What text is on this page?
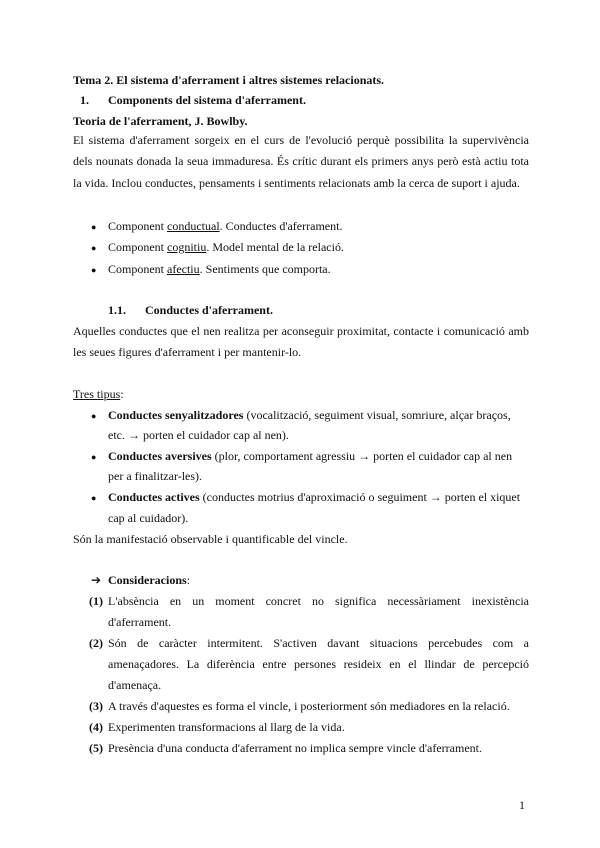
Tema 2. El sistema d'aferrament i altres sistemes relacionats.
1. Components del sistema d'aferrament.
Teoria de l'aferrament, J. Bowlby.
El sistema d'aferrament sorgeix en el curs de l'evolució perquè possibilita la supervivència
dels nounats donada la seua immaduresa. És crític durant els primers anys però està actiu tota
la vida. Inclou conductes, pensaments i sentiments relacionats amb la cerca de suport i ajuda.
● Component conductual. Conductes d'aferrament.
● Component cognitiu. Model mental de la relació.
● Component afectiu. Sentiments que comporta.
1.1. Conductes d'aferrament.
Aquelles conductes que el nen realitza per aconseguir proximitat, contacte i comunicació amb
les seues figures d'aferrament i per mantenir-lo.
Tres tipus:
● Conductes senyalitzadores (vocalització, seguiment visual, somriure, alçar braços,
etc. → porten el cuidador cap al nen).
● Conductes aversives (plor, comportament agressiu → porten el cuidador cap al nen
per a finalitzar-les).
● Conductes actives (conductes motrius d'aproximació o seguiment → porten el xiquet
cap al cuidador).
Són la manifestació observable i quantificable del vincle.
➔ Consideracions:
(1) L'absència en un moment concret no significa necessàriament inexistència
d'aferrament.
(2) Són de caràcter intermitent. S'activen davant situacions percebudes com a
amenaçadores. La diferència entre persones resideix en el llindar de percepció
d'amenaça.
(3) A través d'aquestes es forma el vincle, i posteriorment són mediadores en la relació.
(4) Experimenten transformacions al llarg de la vida.
(5) Presència d'una conducta d'aferrament no implica sempre vincle d'aferrament.
1
